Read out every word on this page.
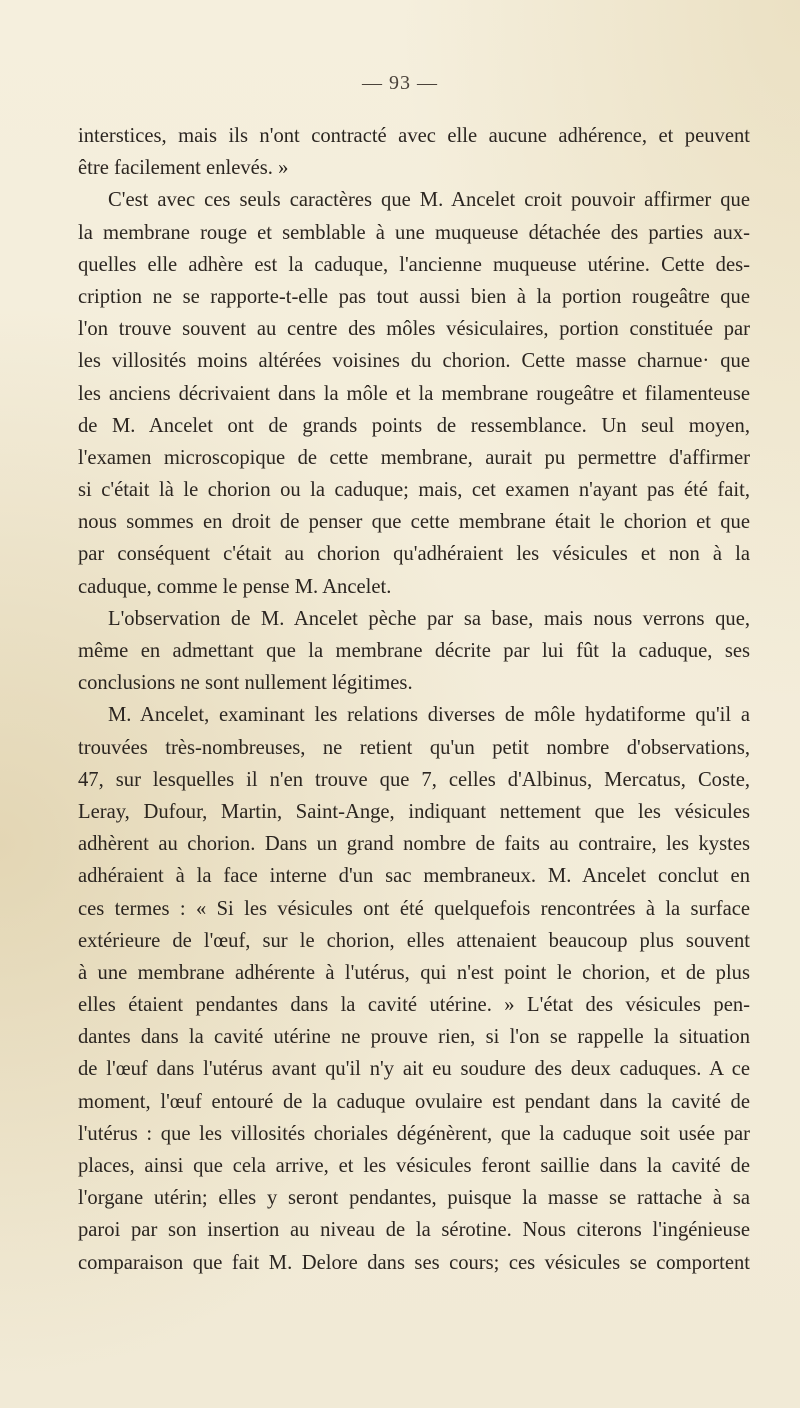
— 93 —
interstices, mais ils n'ont contracté avec elle aucune adhérence, et peuvent
être facilement enlevés. »
C'est avec ces seuls caractères que M. Ancelet croit pouvoir affirmer que
la membrane rouge et semblable à une muqueuse détachée des parties aux-
quelles elle adhère est la caduque, l'ancienne muqueuse utérine. Cette des-
cription ne se rapporte-t-elle pas tout aussi bien à la portion rougeâtre que
l'on trouve souvent au centre des môles vésiculaires, portion constituée par
les villosités moins altérées voisines du chorion. Cette masse charnue· que
les anciens décrivaient dans la môle et la membrane rougeâtre et filamenteuse
de M. Ancelet ont de grands points de ressemblance. Un seul moyen,
l'examen microscopique de cette membrane, aurait pu permettre d'affirmer
si c'était là le chorion ou la caduque; mais, cet examen n'ayant pas été fait,
nous sommes en droit de penser que cette membrane était le chorion et que
par conséquent c'était au chorion qu'adhéraient les vésicules et non à la
caduque, comme le pense M. Ancelet.
L'observation de M. Ancelet pèche par sa base, mais nous verrons que,
même en admettant que la membrane décrite par lui fût la caduque, ses
conclusions ne sont nullement légitimes.
M. Ancelet, examinant les relations diverses de môle hydatiforme qu'il a
trouvées très-nombreuses, ne retient qu'un petit nombre d'observations,
47, sur lesquelles il n'en trouve que 7, celles d'Albinus, Mercatus, Coste,
Leray, Dufour, Martin, Saint-Ange, indiquant nettement que les vésicules
adhèrent au chorion. Dans un grand nombre de faits au contraire, les kystes
adhéraient à la face interne d'un sac membraneux. M. Ancelet conclut en
ces termes : « Si les vésicules ont été quelquefois rencontrées à la surface
extérieure de l'œuf, sur le chorion, elles attenaient beaucoup plus souvent
à une membrane adhérente à l'utérus, qui n'est point le chorion, et de plus
elles étaient pendantes dans la cavité utérine. » L'état des vésicules pen-
dantes dans la cavité utérine ne prouve rien, si l'on se rappelle la situation
de l'œuf dans l'utérus avant qu'il n'y ait eu soudure des deux caduques. A ce
moment, l'œuf entouré de la caduque ovulaire est pendant dans la cavité de
l'utérus : que les villosités choriales dégénèrent, que la caduque soit usée par
places, ainsi que cela arrive, et les vésicules feront saillie dans la cavité de
l'organe utérin; elles y seront pendantes, puisque la masse se rattache à sa
paroi par son insertion au niveau de la sérotine. Nous citerons l'ingénieuse
comparaison que fait M. Delore dans ses cours; ces vésicules se comportent
